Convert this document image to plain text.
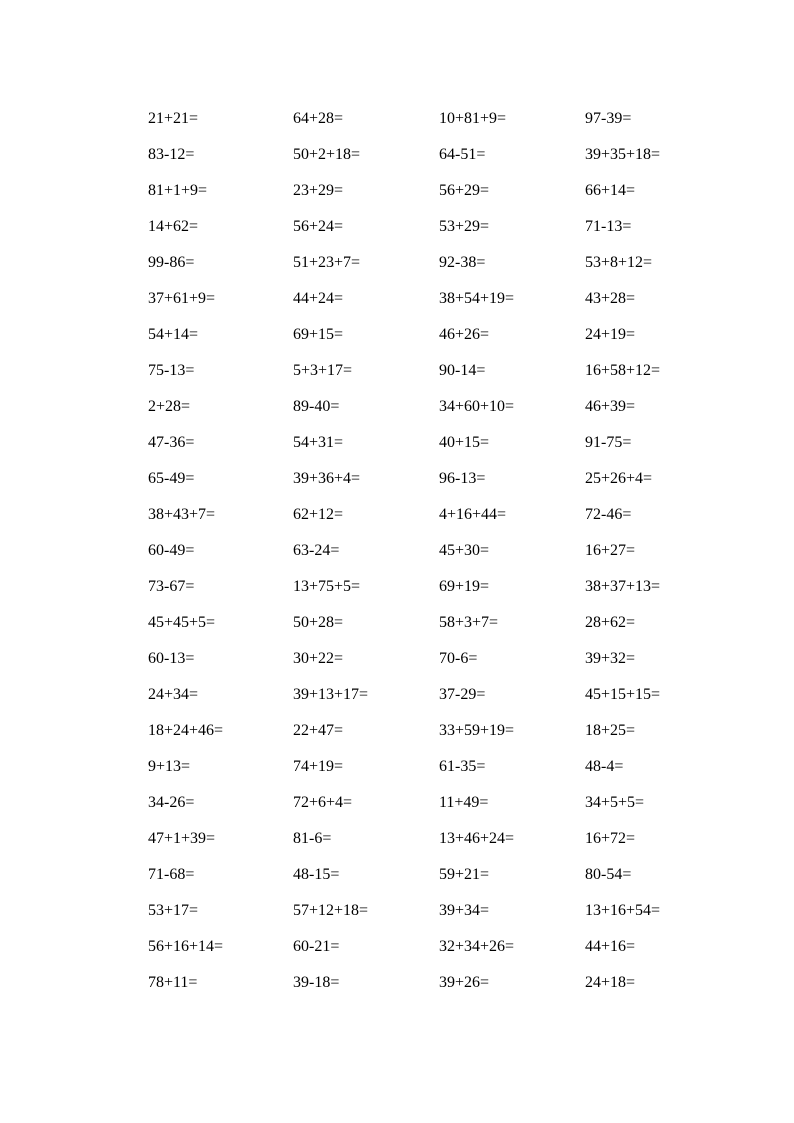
21+21=	64+28=	10+81+9=	97-39=
83-12=	50+2+18=	64-51=	39+35+18=
81+1+9=	23+29=	56+29=	66+14=
14+62=	56+24=	53+29=	71-13=
99-86=	51+23+7=	92-38=	53+8+12=
37+61+9=	44+24=	38+54+19=	43+28=
54+14=	69+15=	46+26=	24+19=
75-13=	5+3+17=	90-14=	16+58+12=
2+28=	89-40=	34+60+10=	46+39=
47-36=	54+31=	40+15=	91-75=
65-49=	39+36+4=	96-13=	25+26+4=
38+43+7=	62+12=	4+16+44=	72-46=
60-49=	63-24=	45+30=	16+27=
73-67=	13+75+5=	69+19=	38+37+13=
45+45+5=	50+28=	58+3+7=	28+62=
60-13=	30+22=	70-6=	39+32=
24+34=	39+13+17=	37-29=	45+15+15=
18+24+46=	22+47=	33+59+19=	18+25=
9+13=	74+19=	61-35=	48-4=
34-26=	72+6+4=	11+49=	34+5+5=
47+1+39=	81-6=	13+46+24=	16+72=
71-68=	48-15=	59+21=	80-54=
53+17=	57+12+18=	39+34=	13+16+54=
56+16+14=	60-21=	32+34+26=	44+16=
78+11=	39-18=	39+26=	24+18=
